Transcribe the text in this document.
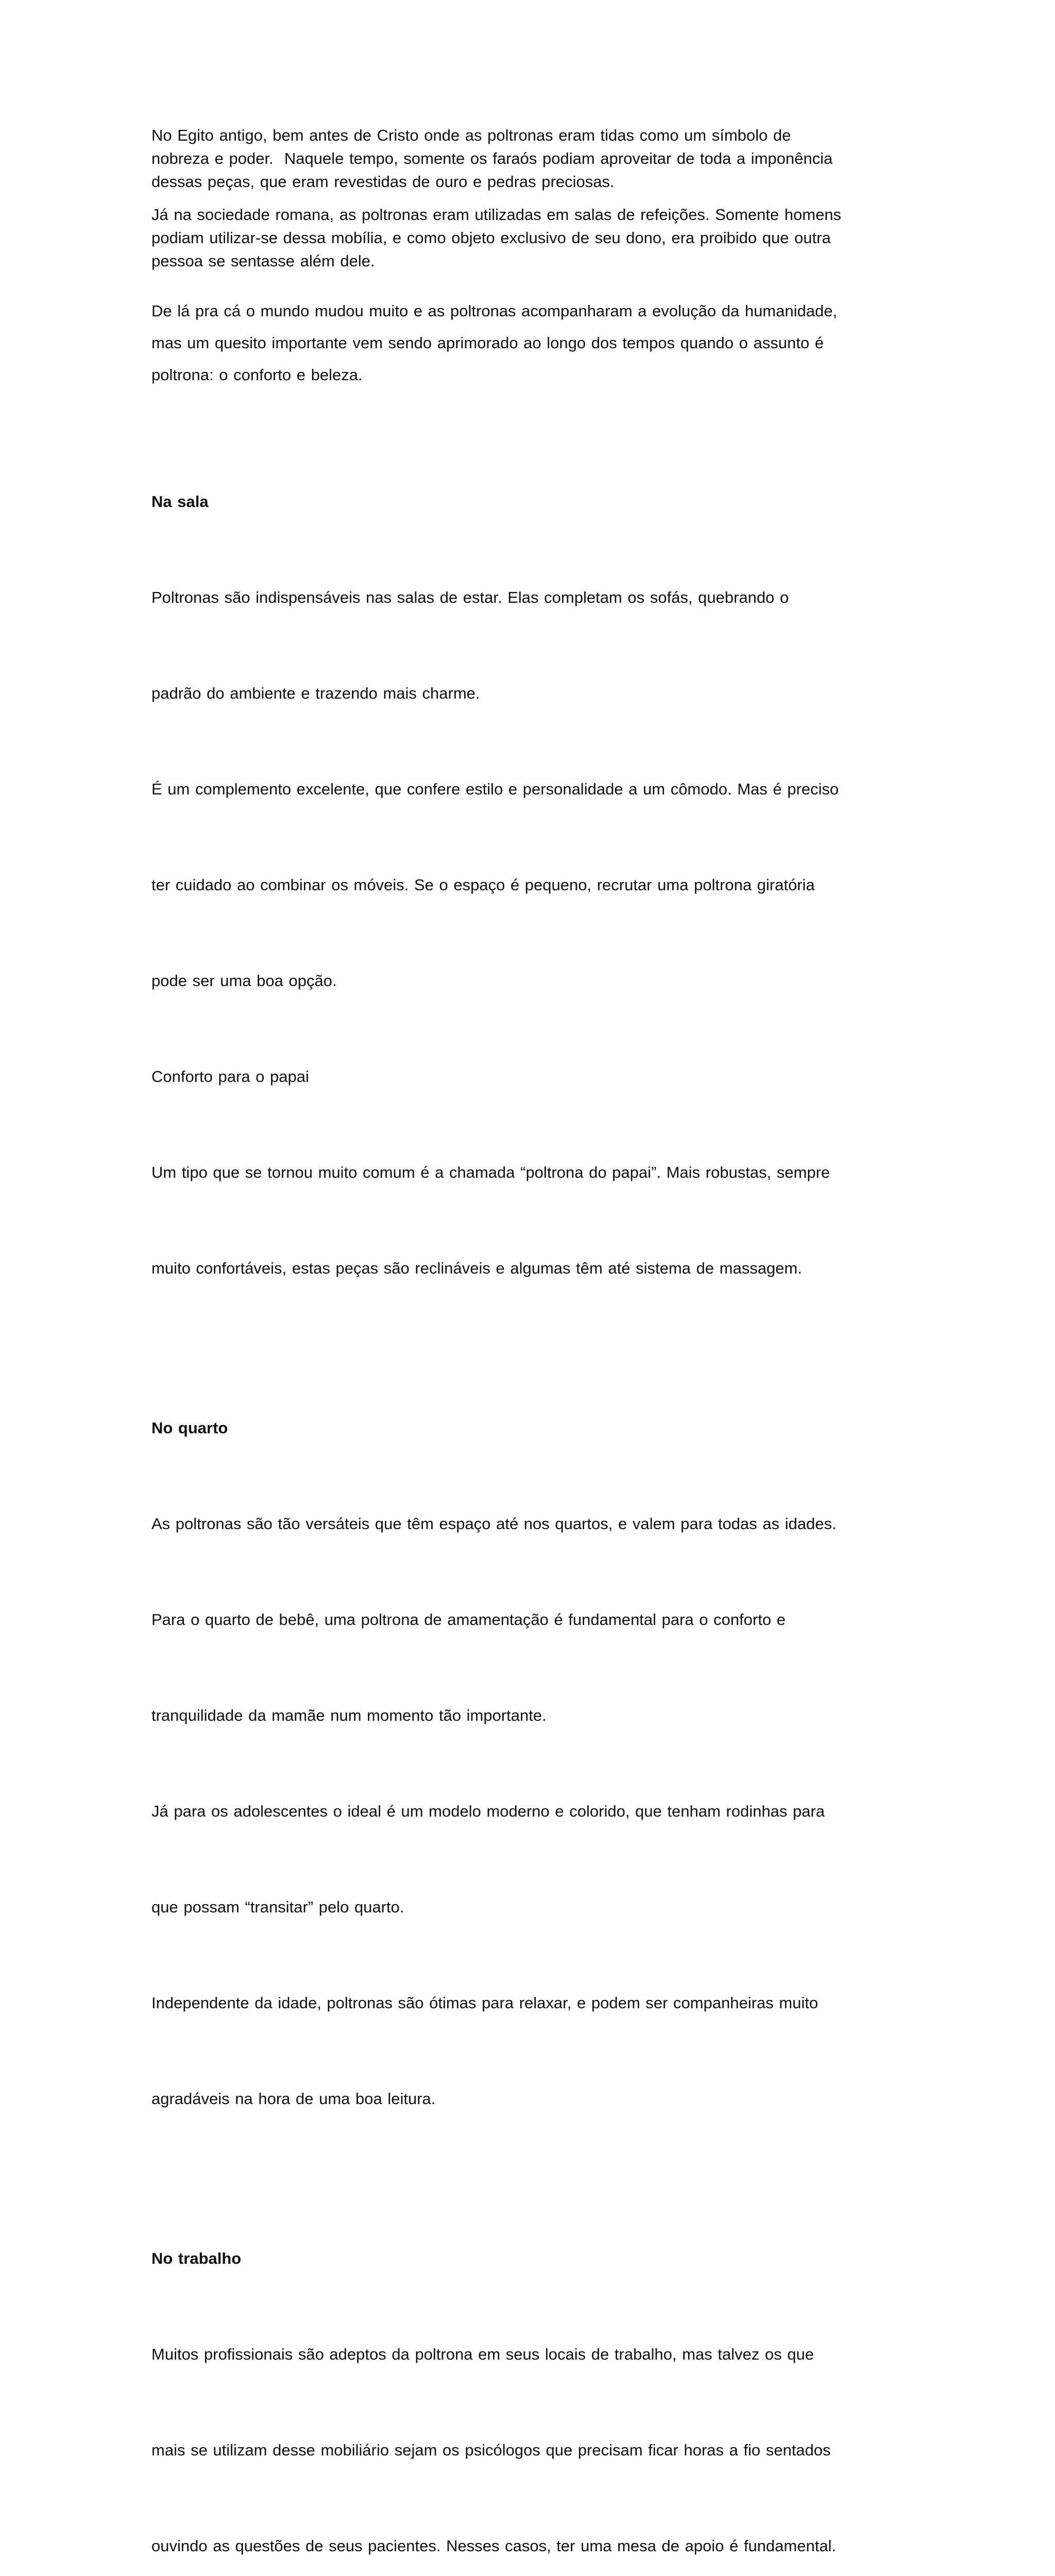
No Egito antigo, bem antes de Cristo onde as poltronas eram tidas como um símbolo de
nobreza e poder.  Naquele tempo, somente os faraós podiam aproveitar de toda a imponência
dessas peças, que eram revestidas de ouro e pedras preciosas.
Já na sociedade romana, as poltronas eram utilizadas em salas de refeições. Somente homens
podiam utilizar-se dessa mobília, e como objeto exclusivo de seu dono, era proibido que outra
pessoa se sentasse além dele.
De lá pra cá o mundo mudou muito e as poltronas acompanharam a evolução da humanidade,
mas um quesito importante vem sendo aprimorado ao longo dos tempos quando o assunto é
poltrona: o conforto e beleza.

Na sala

Poltronas são indispensáveis nas salas de estar. Elas completam os sofás, quebrando o

padrão do ambiente e trazendo mais charme.

É um complemento excelente, que confere estilo e personalidade a um cômodo. Mas é preciso

ter cuidado ao combinar os móveis. Se o espaço é pequeno, recrutar uma poltrona giratória

pode ser uma boa opção.

Conforto para o papai

Um tipo que se tornou muito comum é a chamada “poltrona do papai”. Mais robustas, sempre

muito confortáveis, estas peças são reclináveis e algumas têm até sistema de massagem.

No quarto

As poltronas são tão versáteis que têm espaço até nos quartos, e valem para todas as idades.

Para o quarto de bebê, uma poltrona de amamentação é fundamental para o conforto e

tranquilidade da mamãe num momento tão importante.

Já para os adolescentes o ideal é um modelo moderno e colorido, que tenham rodinhas para

que possam “transitar” pelo quarto.

Independente da idade, poltronas são ótimas para relaxar, e podem ser companheiras muito

agradáveis na hora de uma boa leitura.

No trabalho

Muitos profissionais são adeptos da poltrona em seus locais de trabalho, mas talvez os que

mais se utilizam desse mobiliário sejam os psicólogos que precisam ficar horas a fio sentados

ouvindo as questões de seus pacientes. Nesses casos, ter uma mesa de apoio é fundamental.
